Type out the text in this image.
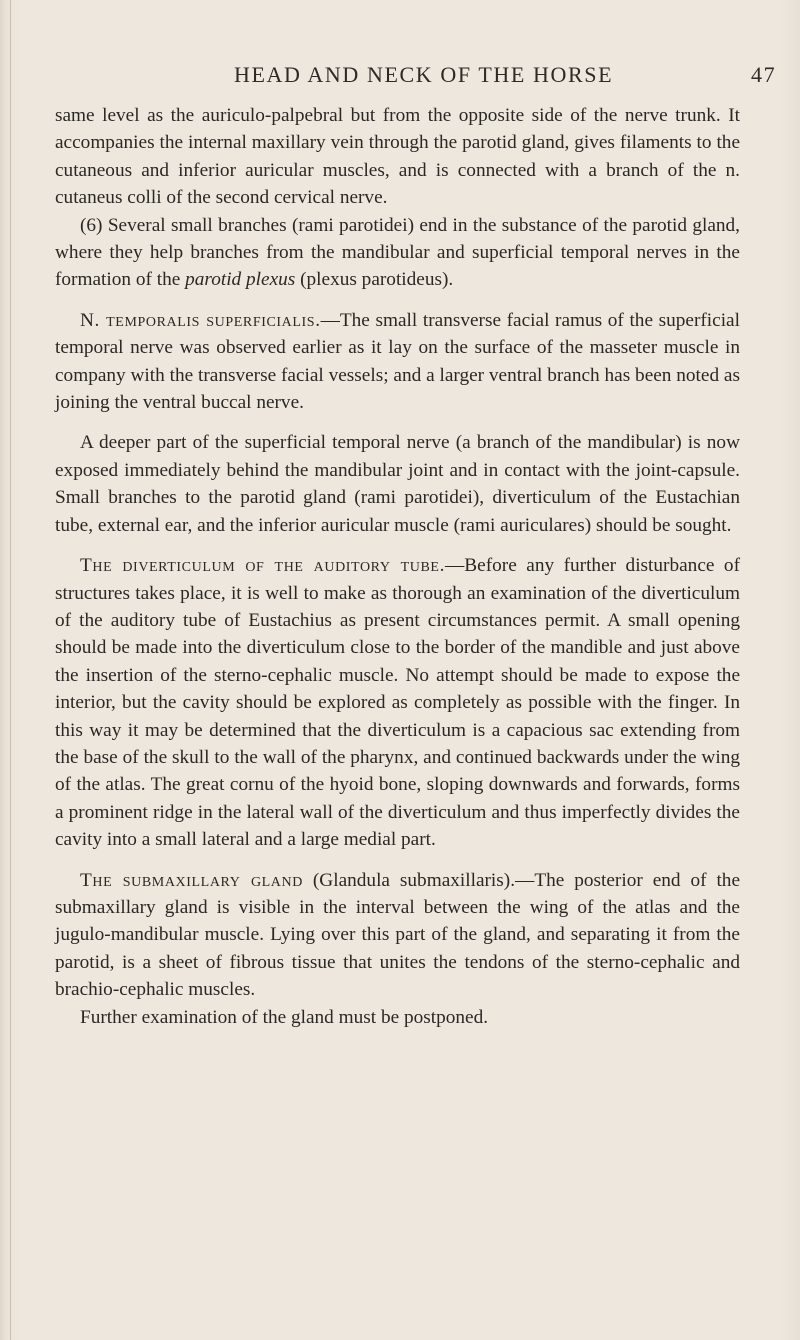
HEAD AND NECK OF THE HORSE	47

same level as the auriculo-palpebral but from the opposite side of the nerve trunk. It accompanies the internal maxillary vein through the parotid gland, gives filaments to the cutaneous and inferior auricular muscles, and is connected with a branch of the n. cutaneus colli of the second cervical nerve.

(6) Several small branches (rami parotidei) end in the substance of the parotid gland, where they help branches from the mandibular and superficial temporal nerves in the formation of the parotid plexus (plexus parotideus).

N. temporalis superficialis.—The small transverse facial ramus of the superficial temporal nerve was observed earlier as it lay on the surface of the masseter muscle in company with the transverse facial vessels; and a larger ventral branch has been noted as joining the ventral buccal nerve.

A deeper part of the superficial temporal nerve (a branch of the mandibular) is now exposed immediately behind the mandibular joint and in contact with the joint-capsule. Small branches to the parotid gland (rami parotidei), diverticulum of the Eustachian tube, external ear, and the inferior auricular muscle (rami auriculares) should be sought.

The diverticulum of the auditory tube.—Before any further disturbance of structures takes place, it is well to make as thorough an examination of the diverticulum of the auditory tube of Eustachius as present circumstances permit. A small opening should be made into the diverticulum close to the border of the mandible and just above the insertion of the sterno-cephalic muscle. No attempt should be made to expose the interior, but the cavity should be explored as completely as possible with the finger. In this way it may be determined that the diverticulum is a capacious sac extending from the base of the skull to the wall of the pharynx, and continued backwards under the wing of the atlas. The great cornu of the hyoid bone, sloping downwards and forwards, forms a prominent ridge in the lateral wall of the diverticulum and thus imperfectly divides the cavity into a small lateral and a large medial part.

The submaxillary gland (Glandula submaxillaris).—The posterior end of the submaxillary gland is visible in the interval between the wing of the atlas and the jugulo-mandibular muscle. Lying over this part of the gland, and separating it from the parotid, is a sheet of fibrous tissue that unites the tendons of the sterno-cephalic and brachio-cephalic muscles.

Further examination of the gland must be postponed.
